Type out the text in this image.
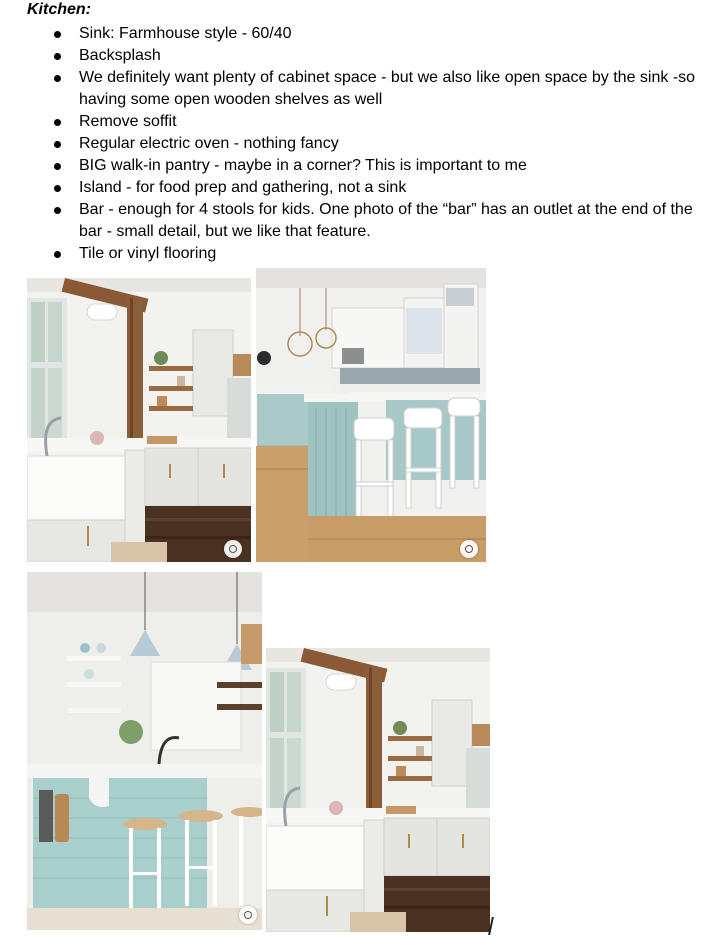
Kitchen:
Sink: Farmhouse style - 60/40
Backsplash
We definitely want plenty of cabinet space - but we also like open space by the sink -so having some open wooden shelves as well
Remove soffit
Regular electric oven - nothing fancy
BIG walk-in pantry - maybe in a corner? This is important to me
Island - for food prep and gathering, not a sink
Bar - enough for 4 stools for kids. One photo of the “bar” has an outlet at the end of the bar - small detail, but we like that feature.
Tile or vinyl flooring
